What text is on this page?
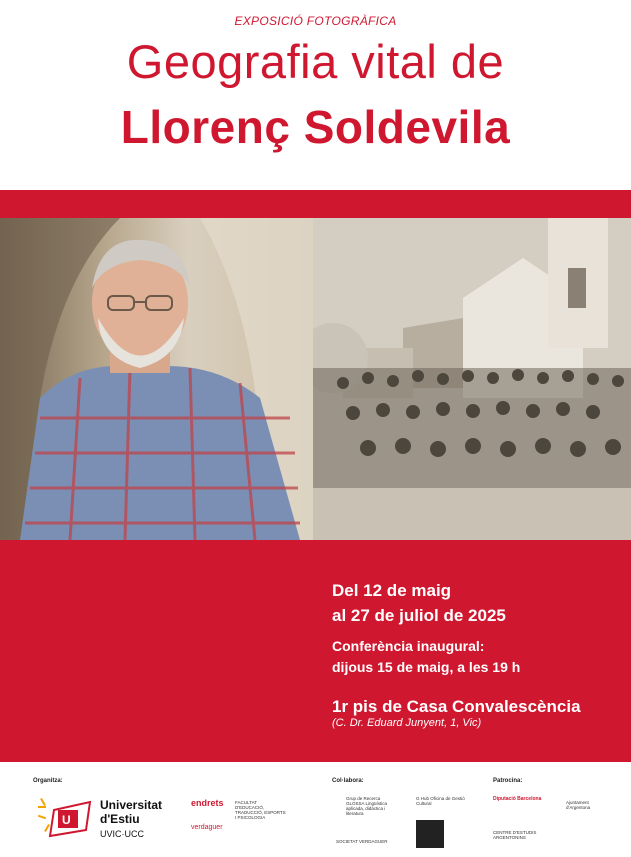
EXPOSICIÓ FOTOGRÀFICA
Geografia vital de
Llorenç Soldevila
Del 12 de maig
al 27 de juliol de 2025
Conferència inaugural:
dijous 15 de maig, a les 19 h
1r pis de Casa Convalescència
(C. Dr. Eduard Junyent, 1, Vic)
Organitza:	Col·labora:	Patrocina:
U
Universitat
d'Estiu
UVIC·UCC
endrets	FACULTAT D'EDUCACIÓ, TRADUCCIÓ, ESPORTS I PSICOLOGIA
verdaguer
Grup de Recerca GLOSSA Lingüística aplicada, didàctica i literatura
G Hub Oficina de Gestió Cultural
SOCIETAT VERDAGUER
Diputació Barcelona
Ajuntament d'Argentona
CENTRE D'ESTUDIS ARGENTONINS
